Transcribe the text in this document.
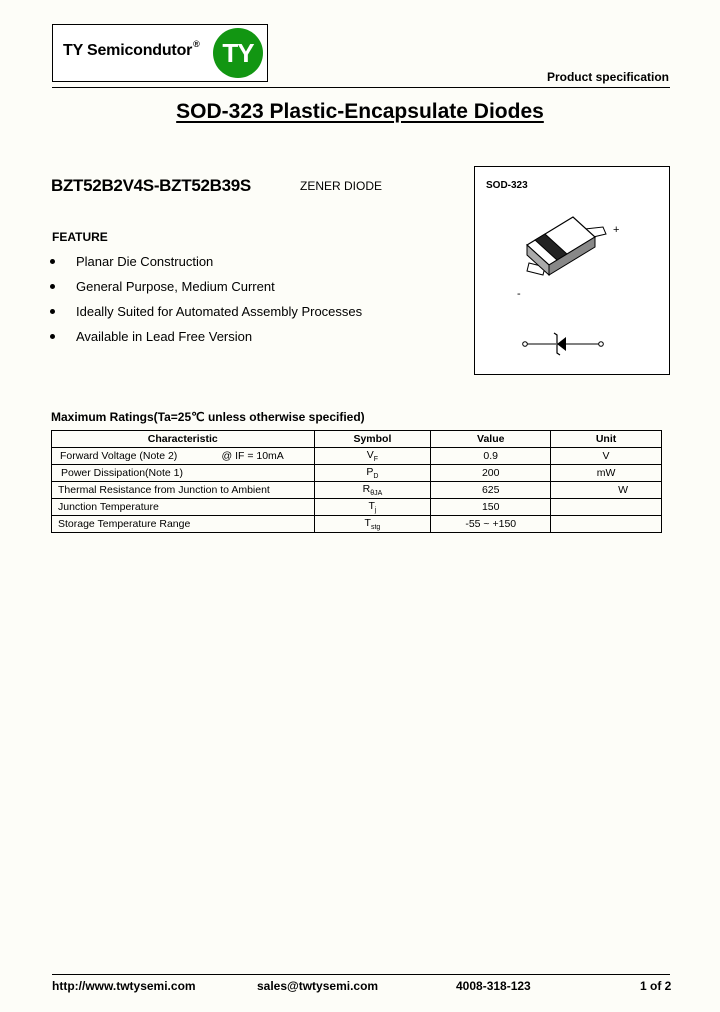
TY Semicondutor® TY
Product specification
SOD-323 Plastic-Encapsulate Diodes
BZT52B2V4S-BZT52B39S	ZENER DIODE
FEATURE
Planar Die Construction
General Purpose, Medium Current
Ideally Suited for Automated Assembly Processes
Available in Lead Free Version
SOD-323
+
-
Maximum Ratings(Ta=25℃ unless otherwise specified)
Characteristic	Symbol	Value	Unit
Forward Voltage (Note 2) @ IF = 10mA	$V_F$	0.9	V
Power Dissipation(Note 1)	$P_D$	200	mW
Thermal Resistance from Junction to Ambient	$R_{\theta JA}$	625	W
Junction Temperature	$T_j$	150	
Storage Temperature Range	$T_{stg}$	-55 ~ +150	
http://www.twtysemi.com	sales@twtysemi.com	4008-318-123	1 of 2
